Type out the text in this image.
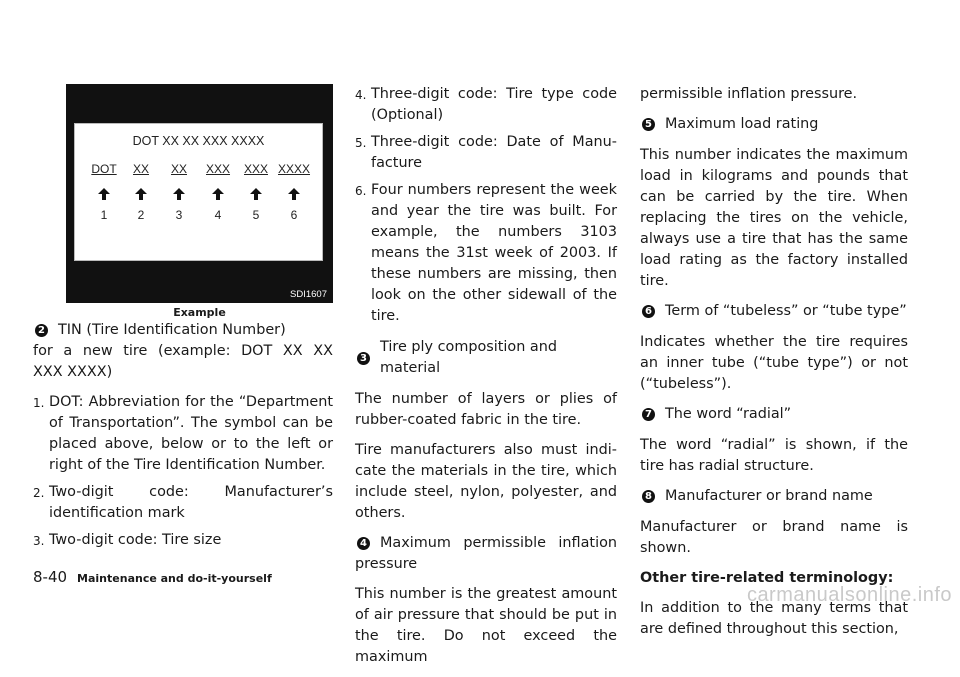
DOT XX XX XXX XXXX
DOT XX XX XXX XXX XXXX
1	2	3	4	5	6
SDI1607
Example
2 TIN (Tire Identification Number)
for a new tire (example: DOT XX XX
XXX XXXX)
1. DOT: Abbreviation for the “Department of Transportation”. The symbol can be placed above, below or to the left or right of the Tire Identification Number.
2. Two-digit code: Manufacturer’s identification mark
3. Two-digit code: Tire size
4. Three-digit code: Tire type code (Optional)
5. Three-digit code: Date of Manufacture
6. Four numbers represent the week and year the tire was built. For example, the numbers 3103 means the 31st week of 2003. If these numbers are missing, then look on the other sidewall of the tire.
3
Tire ply composition and material

The number of layers or plies of rubber-coated fabric in the tire.

Tire manufacturers also must indicate the materials in the tire, which include steel, nylon, polyester, and others.

4 Maximum permissible inflation
pressure

This number is the greatest amount of air pressure that should be put in the tire. Do not exceed the maximum

permissible inflation pressure.

5 Maximum load rating

This number indicates the maximum load in kilograms and pounds that can be carried by the tire. When replacing the tires on the vehicle, always use a tire that has the same load rating as the factory installed tire.

6 Term of “tubeless” or “tube type”

Indicates whether the tire requires an inner tube (“tube type”) or not (“tubeless”).

7 The word “radial”

The word “radial” is shown, if the tire has radial structure.

8 Manufacturer or brand name

Manufacturer or brand name is shown.

Other tire-related terminology:

In addition to the many terms that are defined throughout this section,

8-40 Maintenance and do-it-yourself
carmanualsonline.info
